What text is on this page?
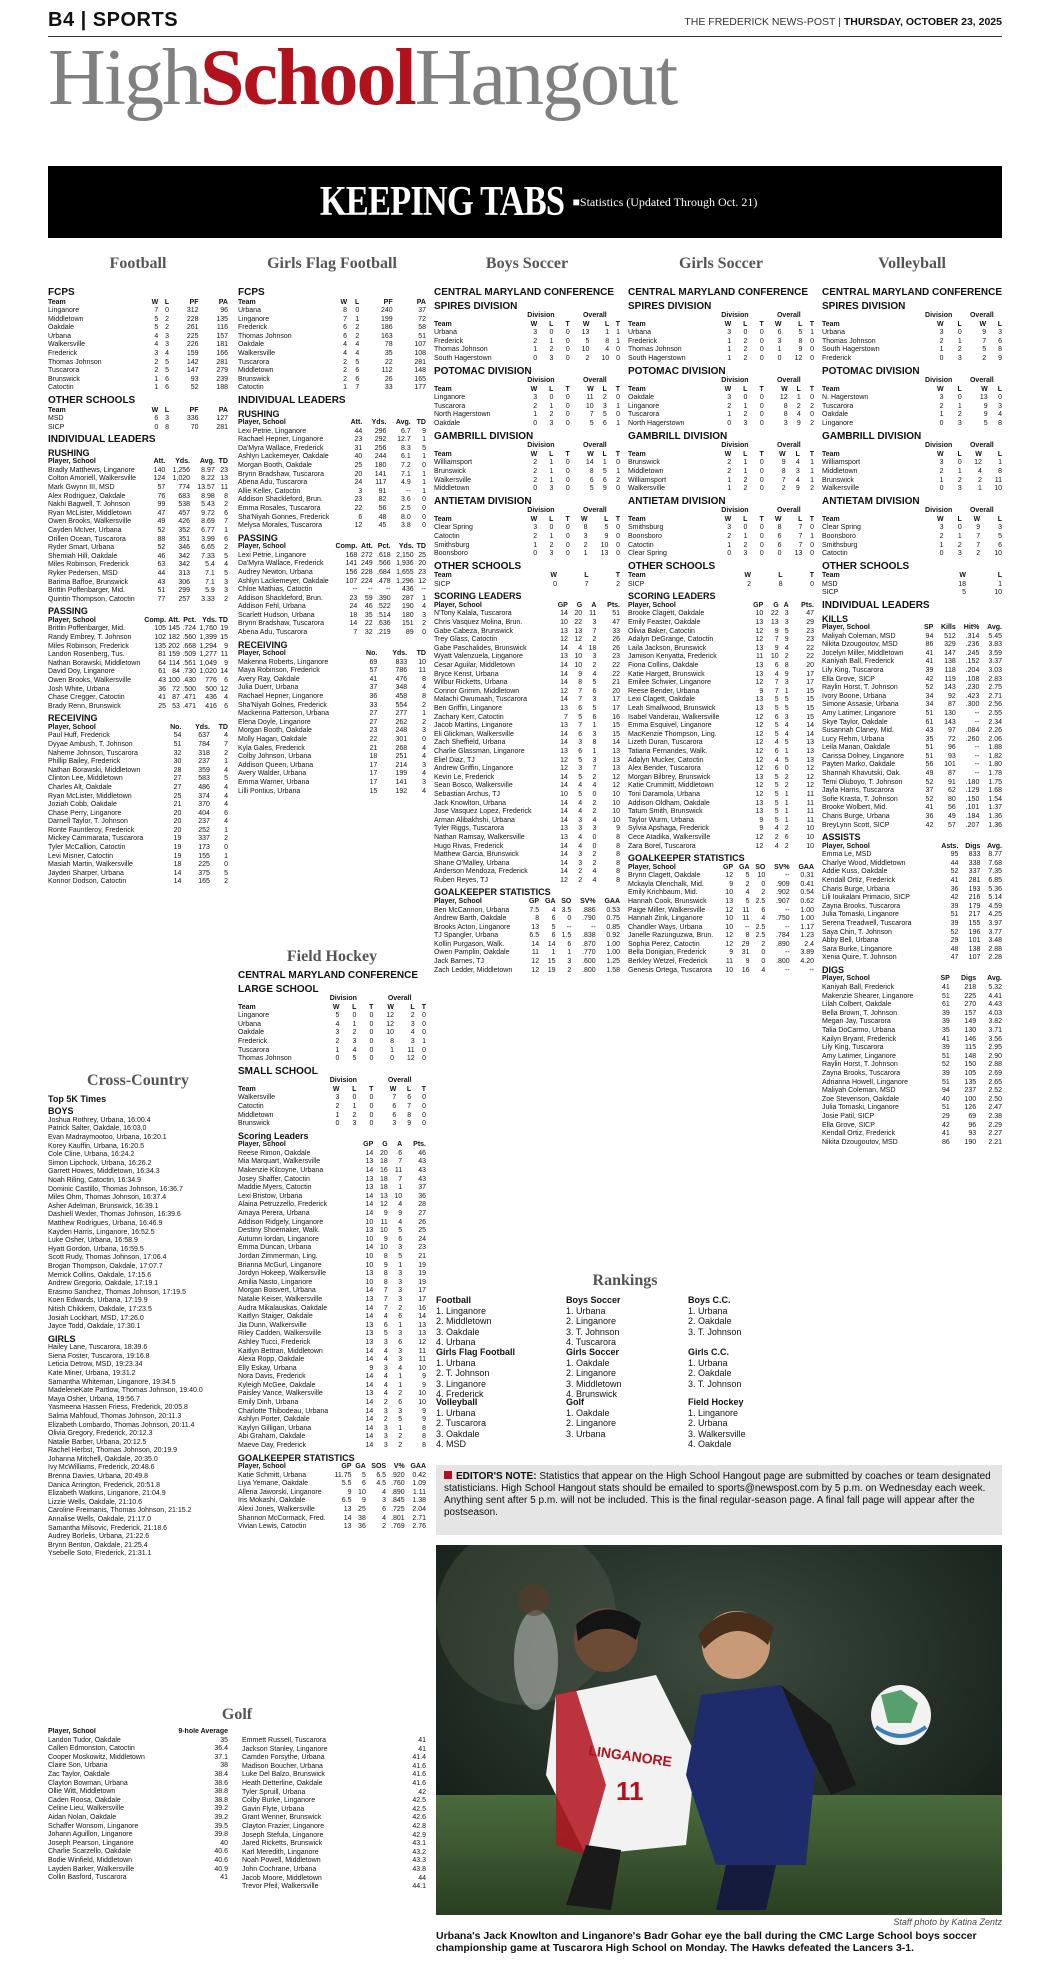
B4 | SPORTS	THE FREDERICK NEWS-POST | THURSDAY, OCTOBER 23, 2025
HighSchoolHangout
KEEPING TABS ■Statistics (Updated Through Oct. 21)
Football	Girls Flag Football	Boys Soccer	Girls Soccer	Volleyball
FCPS
Team	W	L	PF	PA
Linganore	7	0	312	96
Middletown	5	2	228	135
Oakdale	5	2	261	116
Urbana	4	3	225	157
Walkersville	4	3	226	181
Frederick	3	4	159	166
Thomas Johnson	2	5	142	281
Tuscarora	2	5	147	279
Brunswick	1	6	93	239
Catoctin	1	6	52	188
OTHER SCHOOLS
Team	W	L	PF	PA
MSD	6	3	336	127
SICP	0	8	70	281
INDIVIDUAL LEADERS
RUSHING
Player, School	Att.	Yds.	Avg.	TD
Bradly Matthews, Linganore	140	1,256	8.97	23
Colton Amoriell, Walkersville	124	1,020	8.22	13
Mark Gwynn III, MSD	57	774	13.57	11
Alex Rodriguez, Oakdale	76	683	8.98	8
Nakhi Bagwell, T. Johnson	99	538	5.43	2
Ryan McLister, Middletown	47	457	9.72	6
Owen Brooks, Walkersville	49	426	8.69	7
Cayden McIver, Urbana	52	352	6.77	1
Orillen Ocean, Tuscarora	88	351	3.99	6
Ryder Smart, Urbana	52	346	6.65	2
Shemiah Hill, Oakdale	46	342	7.33	5
Miles Robinson, Frederick	63	342	5.4	4
Ryker Pedersen, MSD	44	313	7.1	5
Barima Baffoe, Brunswick	43	306	7.1	3
Brittin Poffenbarger, Mid.	51	299	5.9	3
Quintin Thompson, Catoctin	77	257	3.33	2
PASSING
Player, School	Comp.	Att.	Pct.	Yds.	TD
Brittin Poffenbarger, Mid.	105	145	.724	1,760	19
Randy Embrey, T. Johnson	102	182	.560	1,399	15
Miles Robinson, Frederick	135	202	.668	1,294	9
Landon Rosenberg, Tus.	81	159	.509	1,277	11
Nathan Borawski, Middletown	64	114	.561	1,049	9
David Doy, Linganore	61	84	.730	1,020	14
Owen Brooks, Walkersville	43	100	.430	776	6
Josh White, Urbana	36	72	.500	500	12
Chase Cregger, Catoctin	41	87	.471	436	4
Brady Renn, Brunswick	25	53	.471	416	6
RECEIVING
Player, School	No.	Yds.	TD
Paul Huff, Frederick	54	637	4
Dyyae Ambush, T. Johnson	51	784	7
Naheme Johnson, Tuscarora	32	318	2
Phillip Bailey, Frederick	30	237	1
Nathan Borawski, Middletown	28	359	4
Clinton Lee, Middletown	27	583	5
Charles Alt, Oakdale	27	486	4
Ryan McLister, Middletown	25	374	4
Joziah Cobb, Oakdale	21	370	4
Chase Perry, Linganore	20	404	6
Darnell Taylor, T. Johnson	20	237	4
Ronte Fauntleroy, Frederick	20	252	1
Mickey Cammarata, Tuscarora	19	337	2
Tyler McCallion, Catoctin	19	173	0
Levi Misner, Catoctin	19	155	1
Masiah Martin, Walkersville	18	225	0
Jayden Sharper, Urbana	14	375	5
Konnor Dodson, Catoctin	14	165	2
Cross-Country
Top 5K Times
BOYS
Joshua Rothrey, Urbana, 16:00.4
Patrick Salter, Oakdale, 16:03.0
Evan Madraymootoo, Urbana, 16:20.1
Korey Kauffin, Urbana, 16:20.5
Cole Cline, Urbana, 16:24.2
Simon Lipchock, Urbana, 16:26.2
Garrett Howes, Middletown, 16:34.3
Noah Riling, Catoctin, 16:34.9
Dominic Castillo, Thomas Johnson, 16:36.7
Miles Ohm, Thomas Johnson, 16:37.4
Asher Adelman, Brunswick, 16:39.1
Dashiell Wexler, Thomas Johnson, 16:39.6
Matthew Rodrigues, Urbana, 16:46.9
Kayden Harris, Linganore, 16:52.5
Luke Osher, Urbana, 16:58.9
Hyatt Gordon, Urbana, 16:59.5
Scott Rudy, Thomas Johnson, 17:06.4
Brogan Thompson, Oakdale, 17:07.7
Merrick Collins, Oakdale, 17:15.6
Andrew Gregorio, Oakdale, 17:19.1
Erasmo Sanchez, Thomas Johnson, 17:19.5
Koen Edwards, Urbana, 17:19.9
Nitish Chikkem, Oakdale, 17:23.5
Josiah Lockhart, MSD, 17:26.0
Jayce Todd, Oakdale, 17:30.1
GIRLS
Hailey Lane, Tuscarora, 18:39.6
Siena Foster, Tuscarora, 19:16.8
Leticia Detrow, MSD, 19:23.34
Kate Miner, Urbana, 19:31.2
Samantha Whiteman, Linganore, 19:34.5
MadeleneKate Partlow, Thomas Johnson, 19:40.0
Maya Osher, Urbana, 19:56.7
Yasmeena Hassen Friess, Frederick, 20:05.8
Salma Mahfoud, Thomas Johnson, 20:11.3
Elizabeth Lombardo, Thomas Johnson, 20:11.4
Olivia Gregory, Frederick, 20:12.3
Natalie Barber, Urbana, 20:12.5
Rachel Herbst, Thomas Johnson, 20:19.9
Johanna Mitchell, Oakdale, 20:35.0
Ivy McWilliams, Frederick, 20:48.6
Brenna Davies, Urbana, 20:49.8
Danica Arrington, Frederick, 20:51.8
Elizabeth Watkins, Linganore, 21:04.9
Lizzie Wells, Oakdale, 21:10.6
Caroline Freimanis, Thomas Johnson, 21:15.2
Annalise Wells, Oakdale, 21:17.0
Samantha Milsovic, Frederick, 21:18.6
Audrey Borlelis, Urbana, 21:22.6
Brynn Benton, Oakdale, 21:25.4
Ysebelle Soto, Frederick, 21:31.1
Golf
Player, School	9-hole Average
Landon Tudor, Oakdale	35
Callen Edmonston, Catoctin	36.4
Cooper Moskowitz, Middletown	37.1
Claire Son, Urbana	38
Zac Taylor, Oakdale	38.4
Clayton Bowman, Urbana	38.6
Ollie Witt, Middletown	38.8
Caden Roosa, Oakdale	38.8
Celine Lieu, Walkersville	39.2
Aidan Nolan, Oakdale	39.2
Schaffer Wonsom, Linganore	39.5
Johann Aguillon, Linganore	39.8
Joseph Pearson, Linganore	40
Charlie Scarzello, Oakdale	40.6
Bodie Winfield, Middletown	40.6
Layden Barker, Walkersville	40.9
Collin Basford, Tuscarora	41
Emmett Russell, Tuscarora	41
Jackson Stanley, Linganore	41
Camden Forsythe, Urbana	41.4
Madison Boucher, Urbana	41.6
Luke Del Balzo, Brunswick	41.6
Heath Detterline, Oakdale	41.6
Tyler Spruill, Urbana	42
Colby Burke, Linganore	42.5
Gavin Flyte, Urbana	42.5
Grant Wenner, Brunswick	42.6
Clayton Frazier, Linganore	42.8
Joseph Stefula, Linganore	42.9
Jared Ricketts, Brunswick	43.1
Karl Meredith, Linganore	43.2
Noah Powell, Middletown	43.3
John Cochrane, Urbana	43.8
Jacob Moore, Middletown	44
Trevor Pfeil, Walkersville	44.1
FCPS
Team	W	L	PF	PA
Urbana	8	0	240	37
Linganore	7	1	199	72
Frederick	6	2	186	58
Thomas Johnson	6	2	163	51
Oakdale	4	4	78	107
Walkersville	4	4	35	108
Tuscarora	2	5	22	281
Middletown	2	6	112	148
Brunswick	2	6	26	165
Catoctin	1	7	33	177
INDIVIDUAL LEADERS
RUSHING
Player, School	Att.	Yds.	Avg.	TD
Lexi Petrie, Linganore	44	296	6.7	9
Rachael Hepner, Linganore	23	292	12.7	1
Da'Myra Wallace, Frederick	31	256	8.3	5
Ashlyn Lackemeyer, Oakdale	40	244	6.1	1
Morgan Booth, Oakdale	25	180	7.2	0
Brynn Bradshaw, Tuscarora	20	141	7.1	1
Abena Adu, Tuscarora	24	117	4.9	1
Allie Keller, Catoctin	3	91	--	1
Addison Shackleford, Brun.	23	82	3.6	0
Emma Rosales, Tuscarora	22	56	2.5	0
Sha'Niyah Gonnes, Frederick	6	48	8.0	0
Melysa Morales, Tuscarora	12	45	3.8	0
PASSING
Player, School	Comp.	Att.	Pct.	Yds.	TD
Lexi Petrie, Linganore	168	272	.618	2,150	25
Da'Myra Wallace, Frederick	141	249	.566	1,936	20
Audrey Newton, Urbana	156	228	.684	1,655	23
Ashlyn Lackemeyer, Oakdale	107	224	.478	1,296	12
Chloe Mathias, Catoctin	--	--	--	436	--
Addison Shackleford, Brun.	23	59	.390	287	1
Addison Fehl, Urbana	24	46	.522	190	4
Scarlett Hudson, Urbana	18	35	.514	180	3
Brynn Bradshaw, Tuscarora	14	22	.636	151	2
Abena Adu, Tuscarora	7	32	.219	89	0
RECEIVING
Player, School	No.	Yds.	TD
Makenna Roberts, Linganore	69	833	10
Maya Robinson, Frederick	57	786	11
Avery Ray, Oakdale	41	476	8
Julia Duerr, Urbana	37	348	4
Rachael Hepner, Linganore	36	458	8
Sha'Niyah Golnes, Frederick	33	554	2
Mackenna Patterson, Urbana	27	277	1
Elena Doyle, Linganore	27	262	2
Morgan Booth, Oakdale	23	248	3
Molly Hagan, Oakdale	22	301	0
Kyla Gales, Frederick	21	268	4
Colby Johnson, Urbana	18	251	4
Addison Queen, Urbana	17	214	3
Avery Walder, Urbana	17	199	4
Emma Warner, Urbana	17	141	3
Lilli Pontius, Urbana	15	192	4
Field Hockey
CENTRAL MARYLAND CONFERENCE
LARGE SCHOOL
	Division			Overall		
Team	W	L	T	W	L	T
Linganore	5	0	0	12	2	0
Urbana	4	1	0	12	3	0
Oakdale	3	2	0	10	4	0
Frederick	2	3	0	8	3	1
Tuscarora	1	4	0	1	11	0
Thomas Johnson	0	5	0	0	12	0
SMALL SCHOOL
	Division			Overall		
Team	W	L	T	W	L	T
Walkersville	3	0	0	7	6	0
Catoctin	2	1	0	6	7	0
Middletown	1	2	0	6	8	0
Brunswick	0	3	0	3	9	0
Scoring Leaders
Player, School	GP	G	A	Pts.
Reese Rimon, Oakdale	14	20	6	46
Mia Marquart, Walkersville	13	18	7	43
Makenzie Kilcoyne, Urbana	14	16	11	43
Josey Shaffer, Catoctin	13	18	7	43
Maddie Myers, Catoctin	13	18	1	37
Lexi Bristow, Urbana	14	13	10	36
Alaina Petruzzello, Frederick	14	12	4	28
Amaya Perera, Urbana	14	9	9	27
Addison Ridgely, Linganore	10	11	4	26
Destiny Shoemaker, Walk.	13	10	5	25
Autumn Iordan, Linganore	10	9	6	24
Emma Duncan, Urbana	14	10	3	23
Jordan Zimmerman, Ling.	10	8	5	21
Brianna McGurl, Linganore	10	9	1	19
Jordyn Hokeep, Walkersville	13	8	3	19
Amilia Nasto, Linganore	10	8	3	19
Morgan Boisvert, Urbana	14	7	3	17
Natalie Keiser, Walkersville	13	7	3	17
Audra Mikalauskas, Oakdale	14	7	2	16
Kaitlyn Staiger, Oakdale	14	4	6	14
Jia Dunn, Walkersville	13	6	1	13
Riley Cadden, Walkersville	13	5	3	13
Ashley Tucci, Frederick	13	3	6	12
Kaitlyn Bettran, Middletown	14	4	3	11
Alexa Ropp, Oakdale	14	4	3	11
Elly Eskay, Urbana	9	3	4	10
Nora Davis, Frederick	14	4	1	9
Kyleigh McGee, Oakdale	14	4	1	9
Paisley Vance, Walkersville	13	4	2	10
Emily Dinh, Urbana	14	2	6	10
Charlotte Thibodeau, Urbana	14	3	3	9
Ashlyn Porter, Oakdale	14	2	5	9
Kaylyn Gilligan, Urbana	14	3	1	8
Abi Graham, Oakdale	14	3	2	8
Maeve Day, Frederick	14	3	2	8
GOALKEEPER STATISTICS
Player, School	GP	GA	SOS	V%	GAA
Katie Schmitt, Urbana	11.75	5	6.5	.920	0.42
Liya Yemane, Oakdale	5.5	6	4.5	.760	1.09
Allena Jaworski, Linganore	9	10	4	.890	1.11
Iris Mokashi, Oakdale	6.5	9	3	.845	1.38
Alexi Jones, Walkersville	13	25	6	.725	2.04
Shannon McCormack, Fred.	14	38	4	.801	2.71
Vivian Lewis, Catoctin	13	36	2	.769	2.76
CENTRAL MARYLAND CONFERENCE
SPIRES DIVISION
	Division			Overall		
Team	W	L	T	W	L	T
Urbana	3	0	0	13	1	1
Frederick	2	1	0	5	8	1
Thomas Johnson	1	2	0	10	4	0
South Hagerstown	0	3	0	2	10	0
POTOMAC DIVISION
	Division			Overall		
Team	W	L	T	W	L	T
Linganore	3	0	0	11	2	0
Tuscarora	2	1	0	10	3	1
North Hagerstown	1	2	0	7	5	0
Oakdale	0	3	0	5	6	1
GAMBRILL DIVISION
	Division			Overall		
Team	W	L	T	W	L	T
Williamsport	2	1	0	14	1	0
Brunswick	2	1	0	8	5	1
Walkersville	2	1	0	6	6	2
Middletown	0	3	0	5	9	0
ANTIETAM DIVISION
	Division			Overall		
Team	W	L	T	W	L	T
Clear Spring	3	0	0	8	5	0
Catoctin	2	1	0	3	9	0
Smithsburg	1	2	0	2	10	0
Boonsboro	0	3	0	1	13	0
OTHER SCHOOLS
Team	W	L	T
SICP	0	7	2
SCORING LEADERS
Player, School	GP	G	A	Pts.
N'Tony Kalala, Tuscarora	14	20	11	51
Chris Vasquez Molina, Brun.	10	22	3	47
Gabe Cabeza, Brunswick	13	13	7	33
Trey Glass, Catoctin	12	12	2	26
Gabe Paschalides, Brunswick	14	4	18	26
Wyatt Valenzuela, Linganore	13	10	3	23
Cesar Aguilar, Middletown	14	10	2	22
Bryce Kenst, Urbana	14	9	4	22
Wilbur Ricketts, Urbana	14	8	5	21
Connor Grimm, Middletown	12	7	6	20
Malachi Owumaah, Tuscarora	14	7	3	17
Ben Griffin, Linganore	13	6	5	17
Zachary Kerr, Catoctin	7	5	6	16
Jacob Martins, Linganore	13	7	1	15
Eli Glickman, Walkersville	14	6	3	15
Zach Sheffield, Urbana	14	3	8	14
Charlie Glassman, Linganore	13	6	1	13
Eliel Diaz, TJ	12	5	3	13
Andrew Griffin, Linganore	12	3	7	13
Kevin Le, Frederick	14	5	2	12
Sean Bosco, Walkersville	14	4	4	12
Sebastian Archus, TJ	10	5	0	10
Jack Knowlton, Urbana	14	4	2	10
Jose Vasquez Lopez, Frederick	14	4	2	10
Arman Alibakhshi, Urbana	14	3	4	10
Tyler Riggs, Tuscarora	13	3	3	9
Nathan Ramsay, Walkersville	13	4	0	8
Hugo Rivas, Frederick	14	4	0	8
Matthew Garcia, Brunswick	14	3	2	8
Shane O'Malley, Urbana	14	3	2	8
Anderson Mendoza, Frederick	14	2	4	8
Ruben Reyes, TJ	12	2	4	8
GOALKEEPER STATISTICS
Player, School	GP	GA	SO	SV%	GAA
Ben McCannon, Urbana	7.5	4	3.5	.886	0.53
Andrew Barth, Oakdale	8	6	0	.790	0.75
Brooks Acton, Linganore	13	5	--	--	0.85
TJ Spangler, Urbana	6.5	6	1.5	.838	0.92
Kollin Purgason, Walk.	14	14	6	.870	1.00
Owen Pamplin, Oakdale	11	1	1	.770	1.00
Jack Barnes, TJ	12	15	3	.600	1.25
Zach Ledder, Middletown	12	19	2	.800	1.58
CENTRAL MARYLAND CONFERENCE
SPIRES DIVISION
	Division			Overall		
Team	W	L	T	W	L	T
Urbana	3	0	0	6	5	1
Frederick	1	2	0	3	8	0
Thomas Johnson	1	2	0	1	9	0
South Hagerstown	1	2	0	0	12	0
POTOMAC DIVISION
	Division			Overall		
Team	W	L	T	W	L	T
Oakdale	3	0	0	12	1	0
Linganore	2	1	0	8	2	2
Tuscarora	1	2	0	8	4	0
North Hagerstown	0	3	0	3	9	2
GAMBRILL DIVISION
	Division			Overall		
Team	W	L	T	W	L	T
Brunswick	2	1	0	9	4	1
Middletown	2	1	0	8	3	1
Williamsport	1	2	0	7	4	1
Walkersville	1	2	0	2	9	2
ANTIETAM DIVISION
	Division			Overall		
Team	W	L	T	W	L	T
Smithsburg	3	0	0	8	7	0
Boonsboro	2	1	0	6	7	1
Catoctin	1	2	0	6	7	0
Clear Spring	0	3	0	0	13	0
OTHER SCHOOLS
Team	W	L	T
SICP	2	8	0
SCORING LEADERS
Player, School	GP	G	A	Pts.
Brooke Clagett, Oakdale	10	22	3	47
Emily Feaster, Oakdale	13	13	3	29
Olivia Baker, Catoctin	12	9	5	23
Adalyn DeGrange, Catoctin	12	7	9	23
Laila Jackson, Brunswick	13	9	4	22
Jamison Kenyatta, Frederick	11	10	2	22
Fiona Collins, Oakdale	13	6	8	20
Katie Hargett, Brunswick	13	4	9	17
Emilee Schwier, Linganore	12	7	3	17
Reese Bender, Urbana	9	7	1	15
Lexi Clagett, Oakdale	13	5	5	15
Leah Smallwood, Brunswick	13	5	5	15
Isabel Vanderau, Walkersville	12	6	3	15
Emma Esquivel, Linganore	12	5	4	14
MacKenzie Thompson, Ling.	12	5	4	14
Lizeth Duran, Tuscarora	12	4	5	13
Tatiana Fernandes, Walk.	12	6	1	13
Adalyn Mucker, Catoctin	12	4	5	13
Alex Bender, Tuscarora	12	6	0	12
Morgan Bilbrey, Brunswick	13	5	2	12
Katie Crummitt, Middletown	12	5	2	12
Toni Daramola, Urbana	12	5	1	11
Addison Oldham, Oakdale	13	5	1	11
Tatum Smith, Brunswick	13	5	1	11
Taylor Wurm, Urbana	9	5	1	11
Sylvia Apshaga, Frederick	9	4	2	10
Cece Atadika, Walkersville	12	2	6	10
Zara Borel, Tuscarora	12	4	2	10
GOALKEEPER STATISTICS
Player, School	GP	GA	SO	SV%	GAA
Brynn Clagett, Oakdale	12	5	10	--	0.31
Mckayla Olenchalk, Mid.	9	2	0	.909	0.41
Emily Krichbaum, Mid.	10	4	2	.902	0.54
Hannah Cook, Brunswick	13	5	2.5	.907	0.62
Paige Miller, Walkersville	12	11	6	--	1.00
Hannah Zink, Linganore	10	11	4	.750	1.00
Chandler Ways, Urbana	10	--	2.5	--	1.17
Janelle Razunguzwa, Brun.	12	8	2.5	.784	1.23
Sophia Perez, Catoctin	12	29	2	.890	2.4
Bella Donigian, Frederick	9	31	0	--	3.89
Berkley Wetzel, Frederick	11	9	0	.800	4.20
Genesis Ortega, Tuscarora	10	16	4	--	--
CENTRAL MARYLAND CONFERENCE
SPIRES DIVISION
	Division		Overall	
Team	W	L	W	L
Urbana	3	0	9	3
Thomas Johnson	2	1	7	6
South Hagerstown	1	2	5	8
Frederick	0	3	2	9
POTOMAC DIVISION
	Division		Overall	
Team	W	L	W	L
N. Hagerstown	3	0	13	0
Tuscarora	2	1	9	3
Oakdale	1	2	9	4
Linganore	0	3	5	8
GAMBRILL DIVISION
	Division		Overall	
Team	W	L	W	L
Williamsport	3	0	12	1
Middletown	2	1	4	8
Brunswick	1	2	2	11
Walkersville	0	3	1	10
ANTIETAM DIVISION
	Division		Overall	
Team	W	L	W	L
Clear Spring	3	0	9	3
Boonsboro	2	1	7	5
Smithsburg	1	2	7	6
Catoctin	0	3	2	10
OTHER SCHOOLS
Team	W	L
MSD	18	1
SICP	5	10
INDIVIDUAL LEADERS
KILLS
Player, School	SP	Kills	Hit%	Avg.
Maliyah Coleman, MSD	94	512	.314	5.45
Nikita Dzougoutov, MSD	86	329	.236	3.83
Jocelyn Miller, Middletown	41	147	.245	3.59
Kaniyah Ball, Frederick	41	138	.152	3.37
Lily King, Tuscarora	39	118	.204	3.03
Ella Grove, SICP	42	119	.108	2.83
Raylin Horst, T. Johnson	52	143	.230	2.75
Ivory Boone, Urbana	34	92	.423	2.71
Simone Assasie, Urbana	34	87	.300	2.56
Amy Latimer, Linganore	51	130	--	2.55
Skye Taylor, Oakdale	61	143	--	2.34
Susannah Claney, Mid.	43	97	.084	2.26
Lucy Rehm, Urbana	35	72	.260	2.06
Leila Manan, Oakdale	51	96	--	1.88
Carissa Dolney, Linganore	51	93	--	1.82
Payten Marko, Oakdale	56	101	--	1.80
Shannah Khavutski, Oak.	49	87	--	1.78
Temi Oluboyo, T. Johnson	52	91	.180	1.75
Jayla Harris, Tuscarora	37	62	.129	1.68
Sofie Krasta, T. Johnson	52	80	.150	1.54
Brooke Wolbert, Mid.	41	56	.101	1.37
Charis Burge, Urbana	36	49	.184	1.36
BreyLynn Scott, SICP	42	57	.207	1.36
ASSISTS
Player, School	Asts.	Digs	Avg.
Emma Le, MSD	95	833	8.77
Charlye Wood, Middletown	44	338	7.68
Addie Kuss, Oakdale	52	337	7.35
Kendall Ortiz, Frederick	41	281	6.85
Charis Burge, Urbana	36	193	5.36
Lili Ioukalani Primacio, SICP	42	216	5.14
Zayna Brooks, Tuscarora	39	179	4.59
Julia Tomaski, Linganore	51	217	4.25
Serena Treadwell, Tuscarora	39	155	3.97
Saya Chin, T. Johnson	52	196	3.77
Abby Bell, Urbana	29	101	3.48
Sara Burke, Linganore	48	138	2.88
Xenia Quire, T. Johnson	47	107	2.28
DIGS
Player, School	SP	Digs	Avg.
Kaniyah Ball, Frederick	41	218	5.32
Makenzie Shearer, Linganore	51	225	4.41
Lilah Colbert, Oakdale	61	270	4.43
Bella Brown, T. Johnson	39	157	4.03
Megan Jay, Tuscarora	39	149	3.82
Talia DoCarmo, Urbana	35	130	3.71
Kailyn Bryant, Frederick	41	146	3.56
Lily King, Tuscarora	39	115	2.95
Amy Latimer, Linganore	51	148	2.90
Raylin Horst, T. Johnson	52	150	2.88
Zayna Brooks, Tuscarora	39	105	2.69
Adrianna Howell, Linganore	51	135	2.65
Maliyah Coleman, MSD	94	237	2.52
Zoe Stevenson, Oakdale	40	100	2.50
Julia Tomaski, Linganore	51	126	2.47
Josie Patil, SICP	29	69	2.38
Ella Grove, SICP	42	96	2.29
Kendall Ortiz, Frederick	41	93	2.27
Nikita Dzougoutov, MSD	86	190	2.21
Rankings
Football
1. Linganore
2. Middletown
3. Oakdale
4. Urbana
Boys Soccer
1. Urbana
2. Linganore
3. T. Johnson
4. Tuscarora
Boys C.C.
1. Urbana
2. Oakdale
3. T. Johnson
Girls Flag Football
1. Urbana
2. T. Johnson
3. Linganore
4. Frederick
Girls Soccer
1. Oakdale
2. Linganore
3. Middletown
4. Brunswick
Girls C.C.
1. Urbana
2. Oakdale
3. T. Johnson
Volleyball
1. Urbana
2. Tuscarora
3. Oakdale
4. MSD
Golf
1. Oakdale
2. Linganore
3. Urbana
Field Hockey
1. Linganore
2. Urbana
3. Walkersville
4. Oakdale
EDITOR'S NOTE: Statistics that appear on the High School Hangout page are submitted by coaches or team designated statisticians. High School Hangout stats should be emailed to sports@newspost.com by 5 p.m. on Wednesday each week. Anything sent after 5 p.m. will not be included. This is the final regular-season page. A final fall page will appear after the postseason.
LINGANORE
11
Staff photo by Katina Zentz
Urbana's Jack Knowlton and Linganore's Badr Gohar eye the ball during the CMC Large School boys soccer championship game at Tuscarora High School on Monday. The Hawks defeated the Lancers 3-1.
